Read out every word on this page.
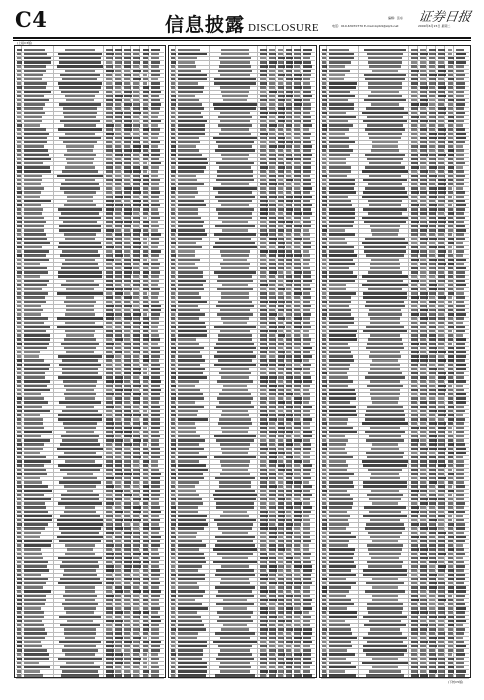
C4	信息披露 DISCLOSURE
编辑：张东
电话：010-63070770 E-mail:zqrb9@zqrb.net
证券日报
2009年6月15日 星期二
(上接C3版)
(下转C5版)
